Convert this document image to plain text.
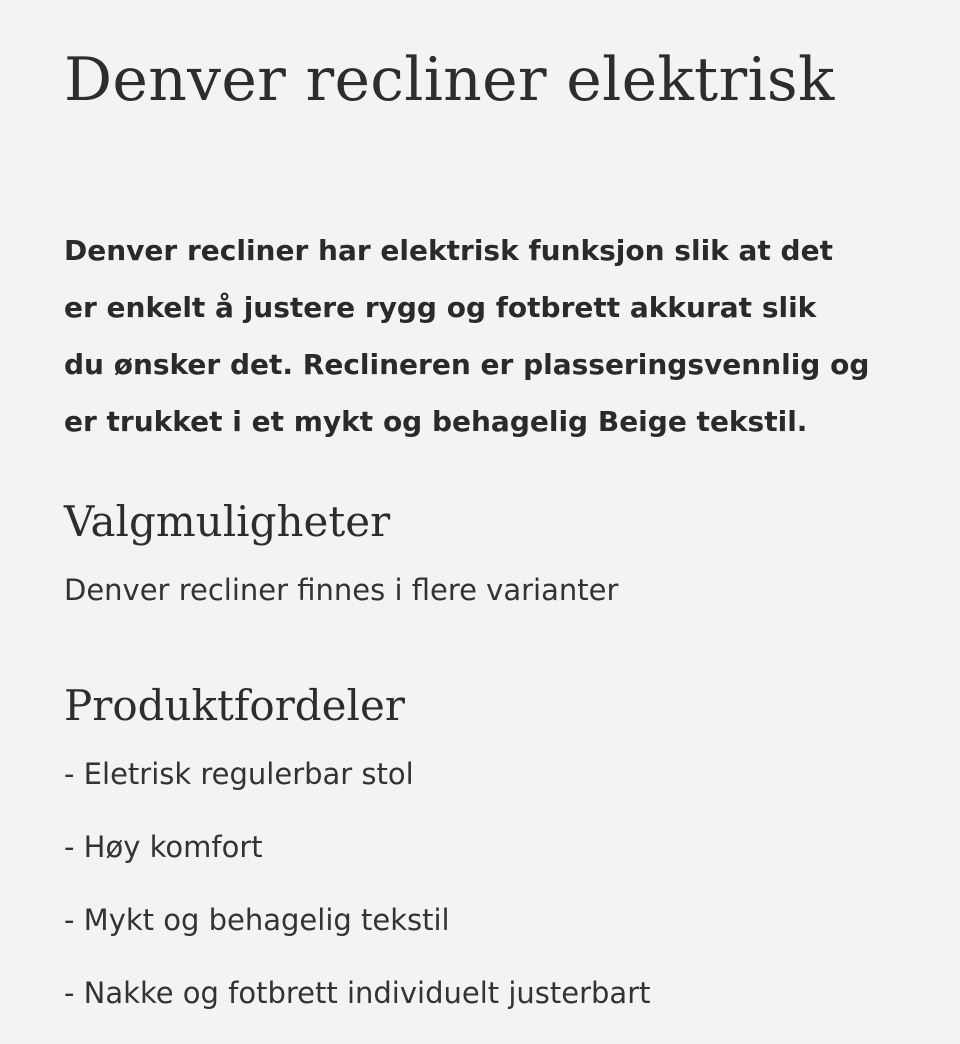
Denver recliner elektrisk

Denver recliner har elektrisk funksjon slik at det
er enkelt å justere rygg og fotbrett akkurat slik
du ønsker det. Reclineren er plasseringsvennlig og
er trukket i et mykt og behagelig Beige tekstil.

Valgmuligheter

Denver recliner finnes i flere varianter

Produktfordeler
- Eletrisk regulerbar stol
- Høy komfort
- Mykt og behagelig tekstil
- Nakke og fotbrett individuelt justerbart
